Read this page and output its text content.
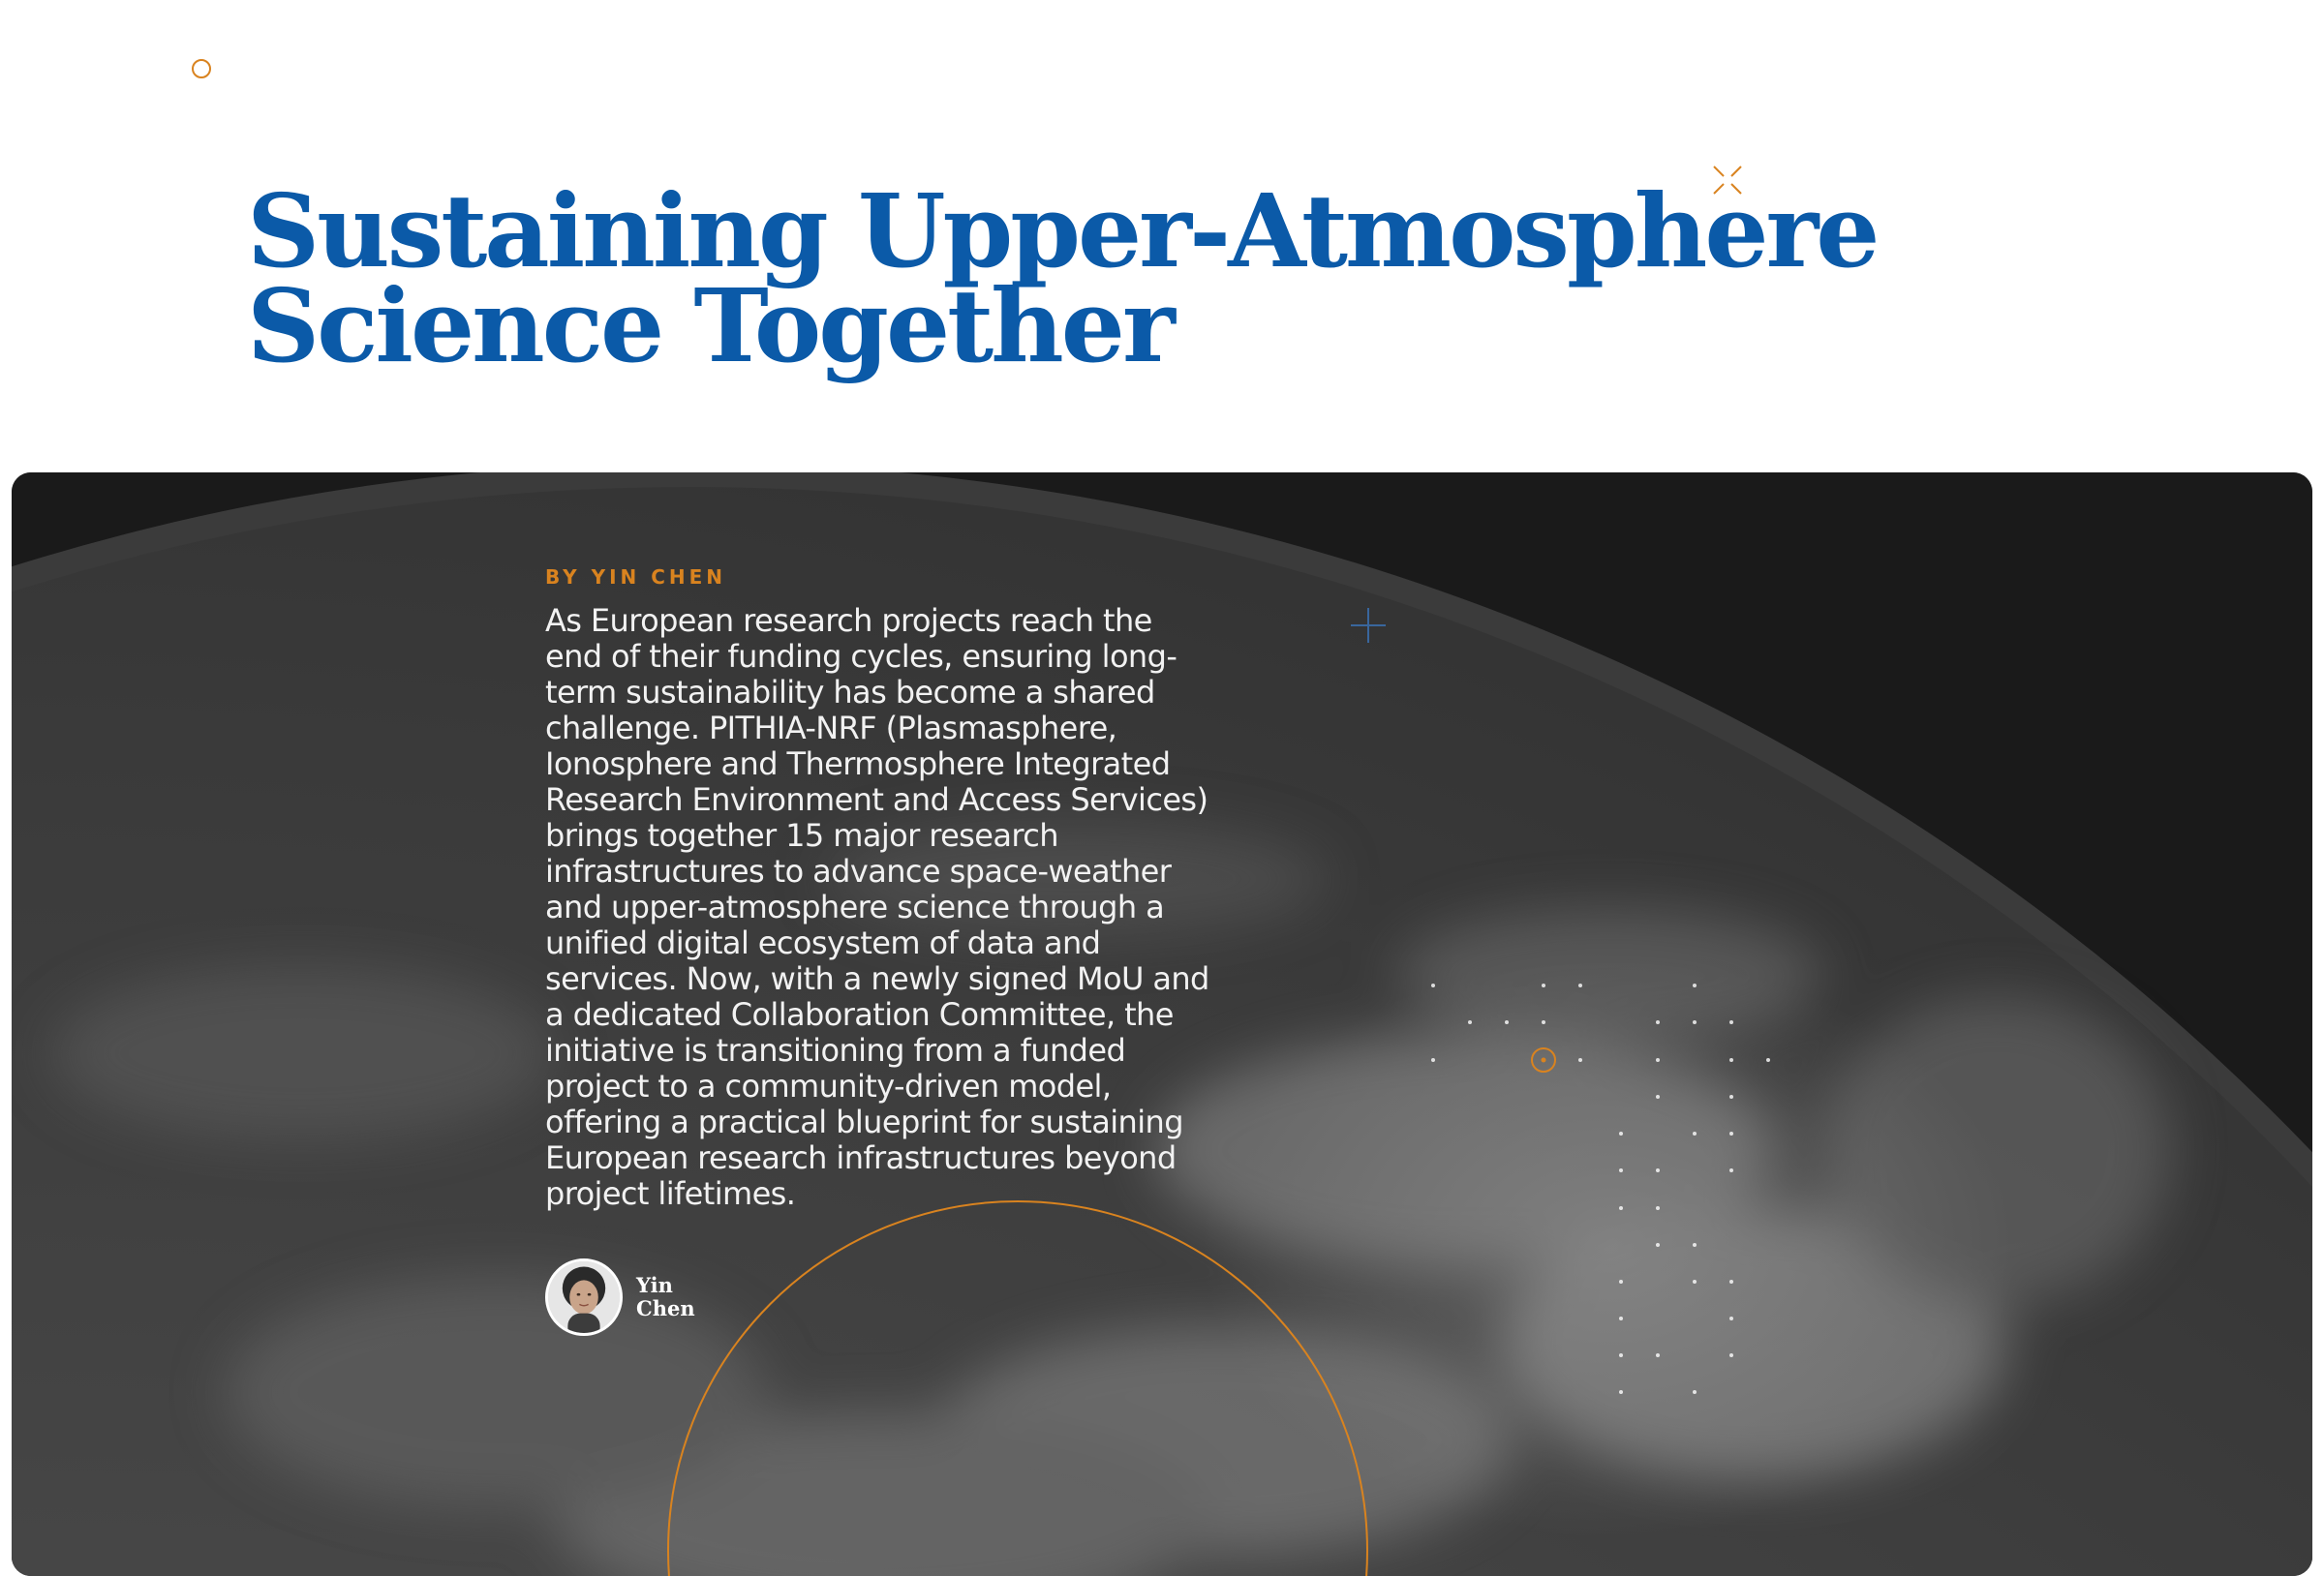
Sustaining Upper-Atmosphere
Science Together
BY YIN CHEN

As European research projects reach the end of their funding cycles, ensuring long-term sustainability has become a shared challenge. PITHIA-NRF (Plasmasphere, Ionosphere and Thermosphere Integrated Research Environment and Access Services) brings together 15 major research infrastructures to advance space-weather and upper-atmosphere science through a unified digital ecosystem of data and services. Now, with a newly signed MoU and a dedicated Collaboration Committee, the initiative is transitioning from a funded project to a community-driven model, offering a practical blueprint for sustaining European research infrastructures beyond project lifetimes.

Yin
Chen
